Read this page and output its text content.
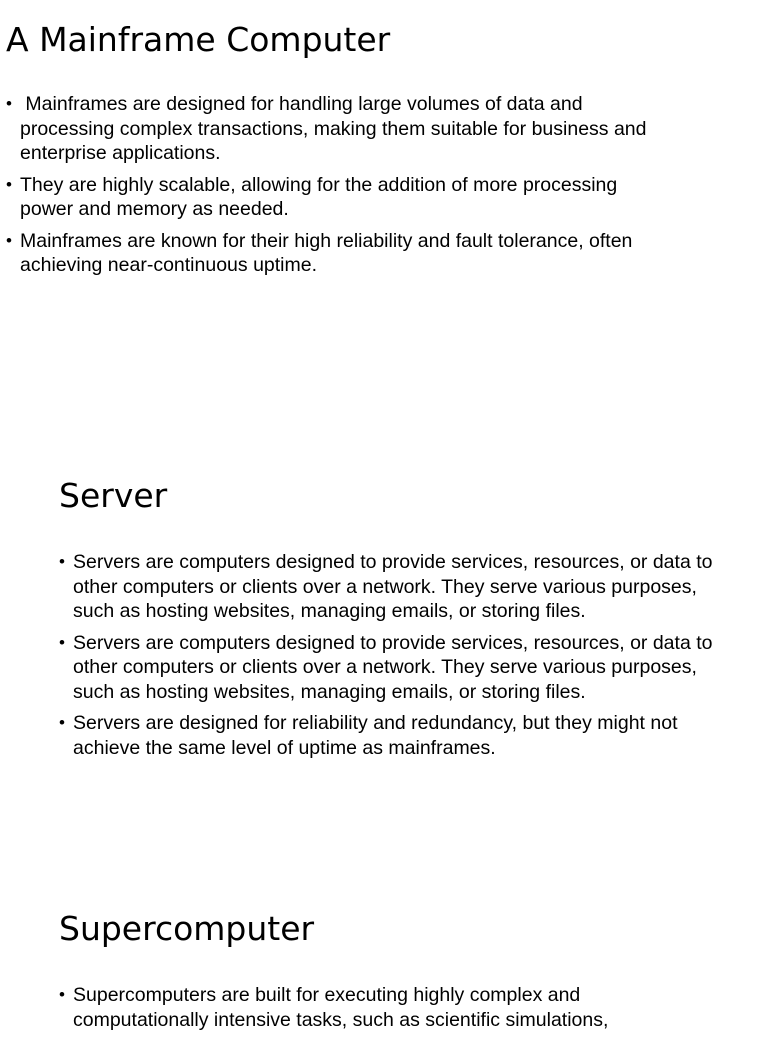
A Mainframe Computer
• Mainframes are designed for handling large volumes of data and processing complex transactions, making them suitable for business and enterprise applications.
• They are highly scalable, allowing for the addition of more processing power and memory as needed.
• Mainframes are known for their high reliability and fault tolerance, often achieving near-continuous uptime.
Server
• Servers are computers designed to provide services, resources, or data to other computers or clients over a network. They serve various purposes, such as hosting websites, managing emails, or storing files.
• Servers are computers designed to provide services, resources, or data to other computers or clients over a network. They serve various purposes, such as hosting websites, managing emails, or storing files.
• Servers are designed for reliability and redundancy, but they might not achieve the same level of uptime as mainframes.
Supercomputer
• Supercomputers are built for executing highly complex and computationally intensive tasks, such as scientific simulations,
